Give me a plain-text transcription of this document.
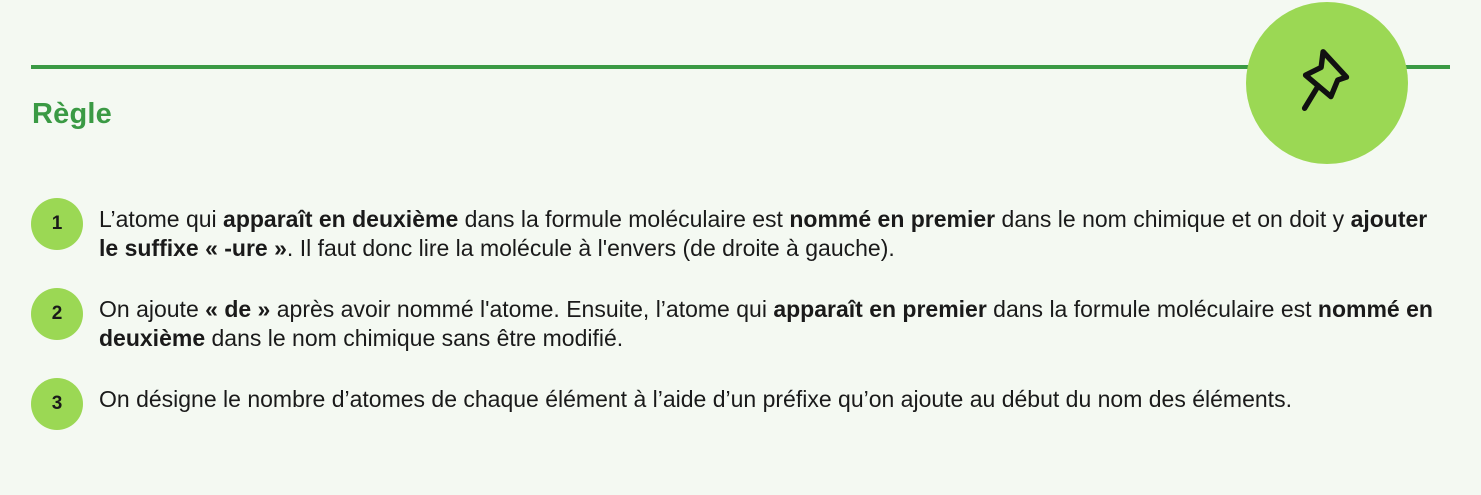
Règle
1	L’atome qui apparaît en deuxième dans la formule moléculaire est nommé en premier dans le nom chimique et on doit y ajouter le suffixe « -ure ». Il faut donc lire la molécule à l'envers (de droite à gauche).

2	On ajoute « de » après avoir nommé l'atome. Ensuite, l’atome qui apparaît en premier dans la formule moléculaire est nommé en deuxième dans le nom chimique sans être modifié.

3	On désigne le nombre d’atomes de chaque élément à l’aide d’un préfixe qu’on ajoute au début du nom des éléments.
